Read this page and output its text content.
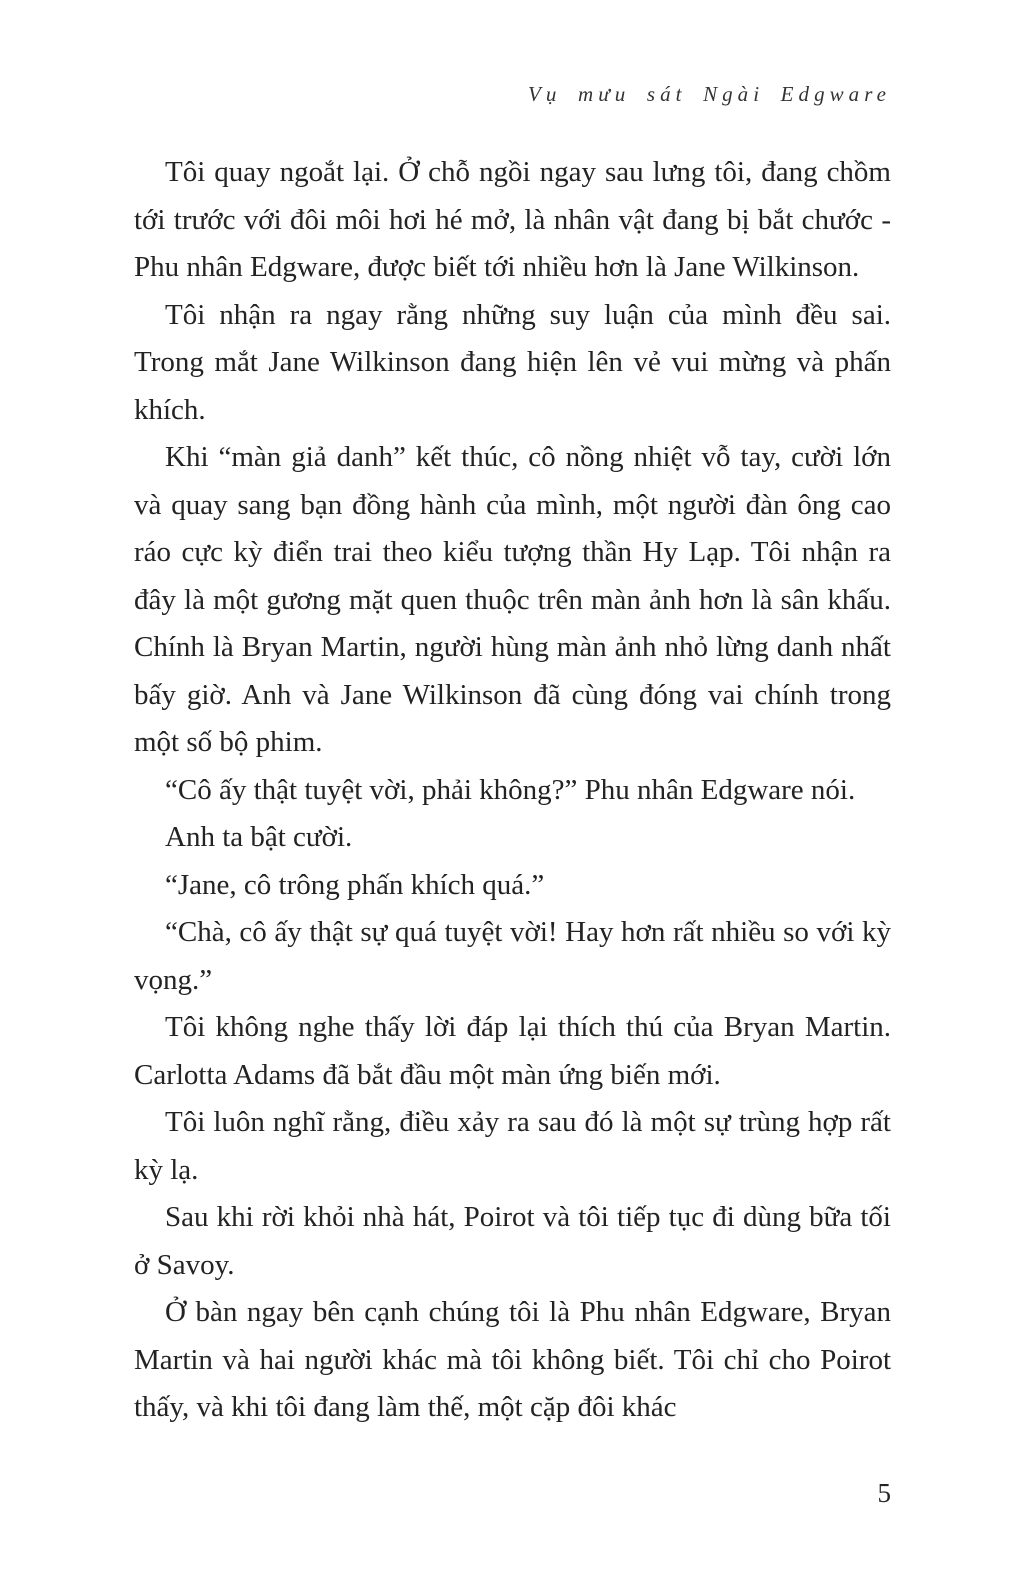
Vụ mưu sát Ngài Edgware

Tôi quay ngoắt lại. Ở chỗ ngồi ngay sau lưng tôi, đang chồm tới trước với đôi môi hơi hé mở, là nhân vật đang bị bắt chước - Phu nhân Edgware, được biết tới nhiều hơn là Jane Wilkinson.

Tôi nhận ra ngay rằng những suy luận của mình đều sai. Trong mắt Jane Wilkinson đang hiện lên vẻ vui mừng và phấn khích.

Khi “màn giả danh” kết thúc, cô nồng nhiệt vỗ tay, cười lớn và quay sang bạn đồng hành của mình, một người đàn ông cao ráo cực kỳ điển trai theo kiểu tượng thần Hy Lạp. Tôi nhận ra đây là một gương mặt quen thuộc trên màn ảnh hơn là sân khấu. Chính là Bryan Martin, người hùng màn ảnh nhỏ lừng danh nhất bấy giờ. Anh và Jane Wilkinson đã cùng đóng vai chính trong một số bộ phim.

“Cô ấy thật tuyệt vời, phải không?” Phu nhân Edgware nói.

Anh ta bật cười.

“Jane, cô trông phấn khích quá.”

“Chà, cô ấy thật sự quá tuyệt vời! Hay hơn rất nhiều so với kỳ vọng.”

Tôi không nghe thấy lời đáp lại thích thú của Bryan Martin. Carlotta Adams đã bắt đầu một màn ứng biến mới.

Tôi luôn nghĩ rằng, điều xảy ra sau đó là một sự trùng hợp rất kỳ lạ.

Sau khi rời khỏi nhà hát, Poirot và tôi tiếp tục đi dùng bữa tối ở Savoy.

Ở bàn ngay bên cạnh chúng tôi là Phu nhân Edgware, Bryan Martin và hai người khác mà tôi không biết. Tôi chỉ cho Poirot thấy, và khi tôi đang làm thế, một cặp đôi khác

5
